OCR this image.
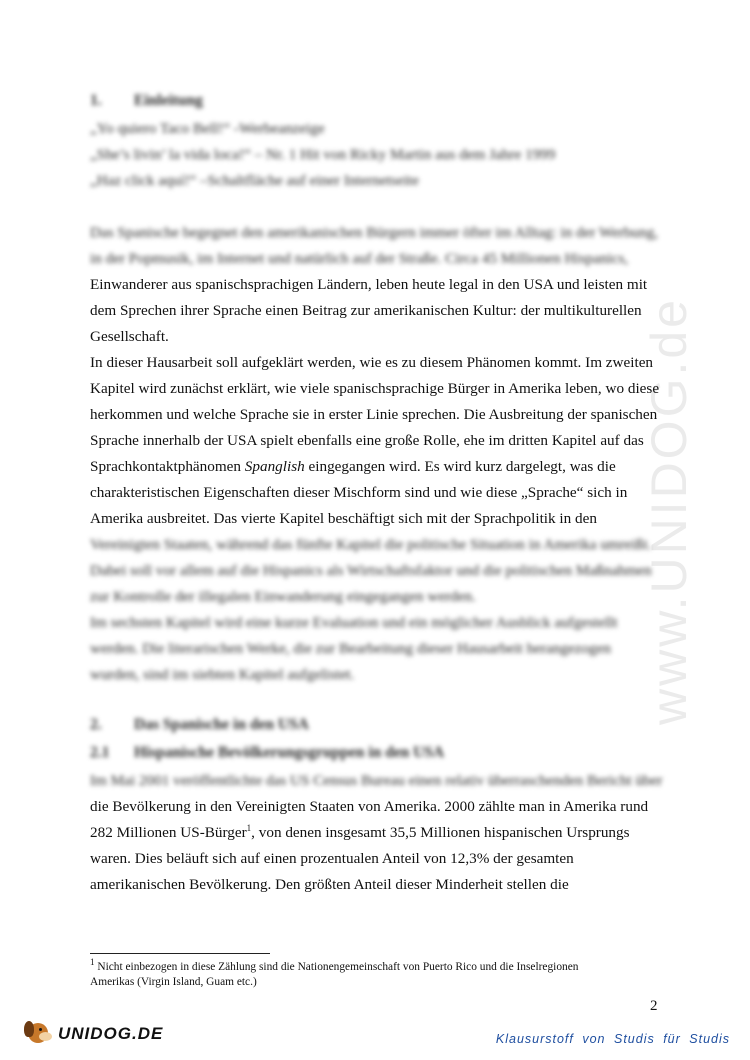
www.UNIDOG.de
1. Einleitung
„Yo quiero Taco Bell!“ -Werbeanzeige
„She’s livin’ la vida loca!“ – Nr. 1 Hit von Ricky Martin aus dem Jahre 1999
„Haz click aquí!“ –Schaltfläche auf einer Internetseite
Das Spanische begegnet den amerikanischen Bürgern immer öfter im Alltag: in der Werbung,
in der Popmusik, im Internet und natürlich auf der Straße. Circa 45 Millionen Hispanics,
Einwanderer aus spanischsprachigen Ländern, leben heute legal in den USA und leisten mit
dem Sprechen ihrer Sprache einen Beitrag zur amerikanischen Kultur: der multikulturellen
Gesellschaft.
In dieser Hausarbeit soll aufgeklärt werden, wie es zu diesem Phänomen kommt. Im zweiten
Kapitel wird zunächst erklärt, wie viele spanischsprachige Bürger in Amerika leben, wo diese
herkommen und welche Sprache sie in erster Linie sprechen. Die Ausbreitung der spanischen
Sprache innerhalb der USA spielt ebenfalls eine große Rolle, ehe im dritten Kapitel auf das
Sprachkontaktphänomen Spanglish eingegangen wird. Es wird kurz dargelegt, was die
charakteristischen Eigenschaften dieser Mischform sind und wie diese „Sprache“ sich in
Amerika ausbreitet. Das vierte Kapitel beschäftigt sich mit der Sprachpolitik in den
Vereinigten Staaten, während das fünfte Kapitel die politische Situation in Amerika umreißt.
Dabei soll vor allem auf die Hispanics als Wirtschaftsfaktor und die politischen Maßnahmen
zur Kontrolle der illegalen Einwanderung eingegangen werden.
Im sechsten Kapitel wird eine kurze Evaluation und ein möglicher Ausblick aufgestellt
werden. Die literarischen Werke, die zur Bearbeitung dieser Hausarbeit herangezogen
wurden, sind im siebten Kapitel aufgelistet.
2. Das Spanische in den USA
2.1 Hispanische Bevölkerungsgruppen in den USA
Im Mai 2001 veröffentlichte das US Census Bureau einen relativ überraschenden Bericht über
die Bevölkerung in den Vereinigten Staaten von Amerika. 2000 zählte man in Amerika rund
282 Millionen US-Bürger$^1$, von denen insgesamt 35,5 Millionen hispanischen Ursprungs
waren. Dies beläuft sich auf einen prozentualen Anteil von 12,3% der gesamten
amerikanischen Bevölkerung. Den größten Anteil dieser Minderheit stellen die
$^1$ Nicht einbezogen in diese Zählung sind die Nationengemeinschaft von Puerto Rico und die Inselregionen
Amerikas (Virgin Island, Guam etc.)
2
UNIDOG.DE	Klausurstoff von Studis für Studis
